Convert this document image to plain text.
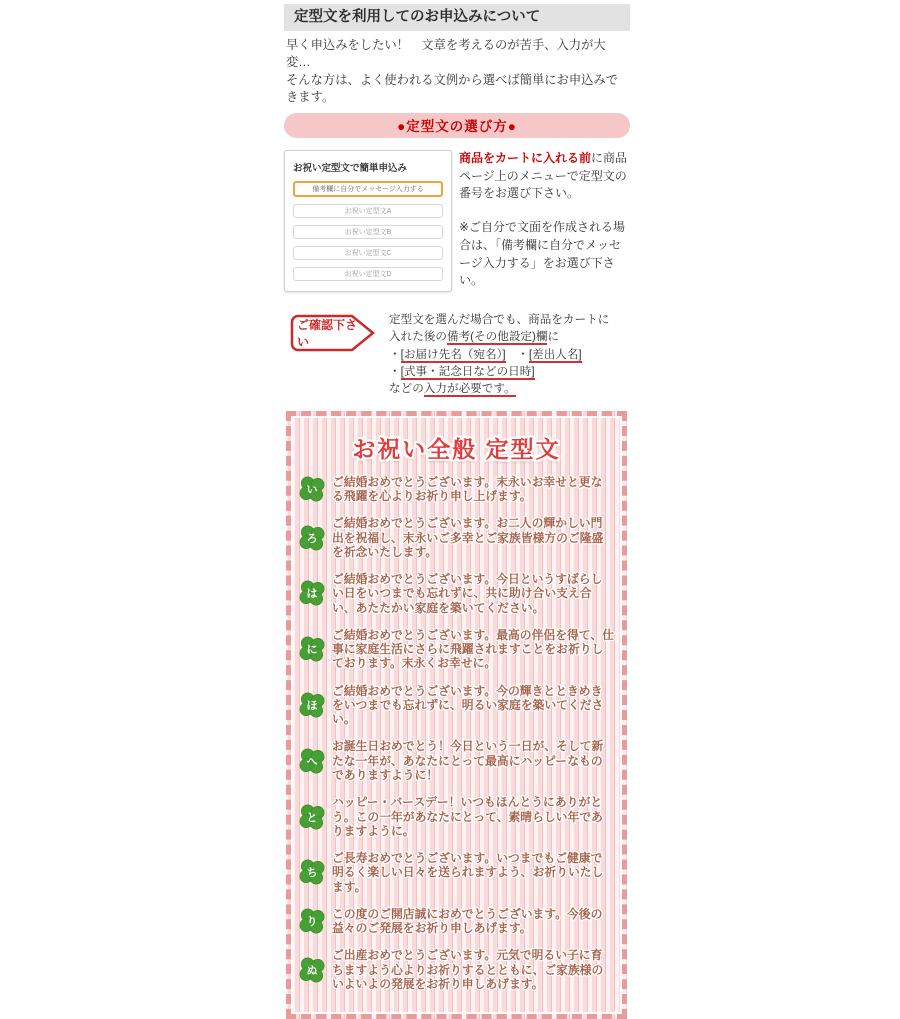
定型文を利用してのお申込みについて
早く申込みをしたい！　文章を考えるのが苦手、入力が大変…
そんな方は、よく使われる文例から選べば簡単にお申込みできます。
●定型文の選び方●
お祝い定型文で簡単申込み
備考欄に自分でメッセージ入力する
お祝い定型文A
お祝い定型文B
お祝い定型文C
お祝い定型文D

商品をカートに入れる前に商品ページ上のメニューで定型文の番号をお選び下さい。

※ご自分で文面を作成される場合は、「備考欄に自分でメッセージ入力する」をお選び下さい。

ご確認下さい
定型文を選んだ場合でも、商品をカートに
入れた後の備考(その他設定)欄に
・[お届け先名（宛名）]　 ・[差出人名]
・[式事・記念日などの日時]
などの入力が必要です。
お祝い全般 定型文
い

ご結婚おめでとうございます。末永いお幸せと更なる飛躍を心よりお祈り申し上げます。

ろ

ご結婚おめでとうございます。お二人の輝かしい門出を祝福し、末永いご多幸とご家族皆様方のご隆盛を祈念いたします。

は

ご結婚おめでとうございます。今日というすばらしい日をいつまでも忘れずに、共に助け合い支え合い、あたたかい家庭を築いてください。

に

ご結婚おめでとうございます。最高の伴侶を得て、仕事に家庭生活にさらに飛躍されますことをお祈りしております。末永くお幸せに。

ほ

ご結婚おめでとうございます。今の輝きとときめきをいつまでも忘れずに、明るい家庭を築いてください。

へ

お誕生日おめでとう！今日という一日が、そして新たな一年が、あなたにとって最高にハッピーなものでありますように！

と

ハッピー・バースデー！いつもほんとうにありがとう。この一年があなたにとって、素晴らしい年でありますように。

ち

ご長寿おめでとうございます。いつまでもご健康で明るく楽しい日々を送られますよう、お祈りいたします。

り

この度のご開店誠におめでとうございます。今後の益々のご発展をお祈り申しあげます。

ぬ

ご出産おめでとうございます。元気で明るい子に育ちますよう心よりお祈りするとともに、ご家族様のいよいよの発展をお祈り申しあげます。
